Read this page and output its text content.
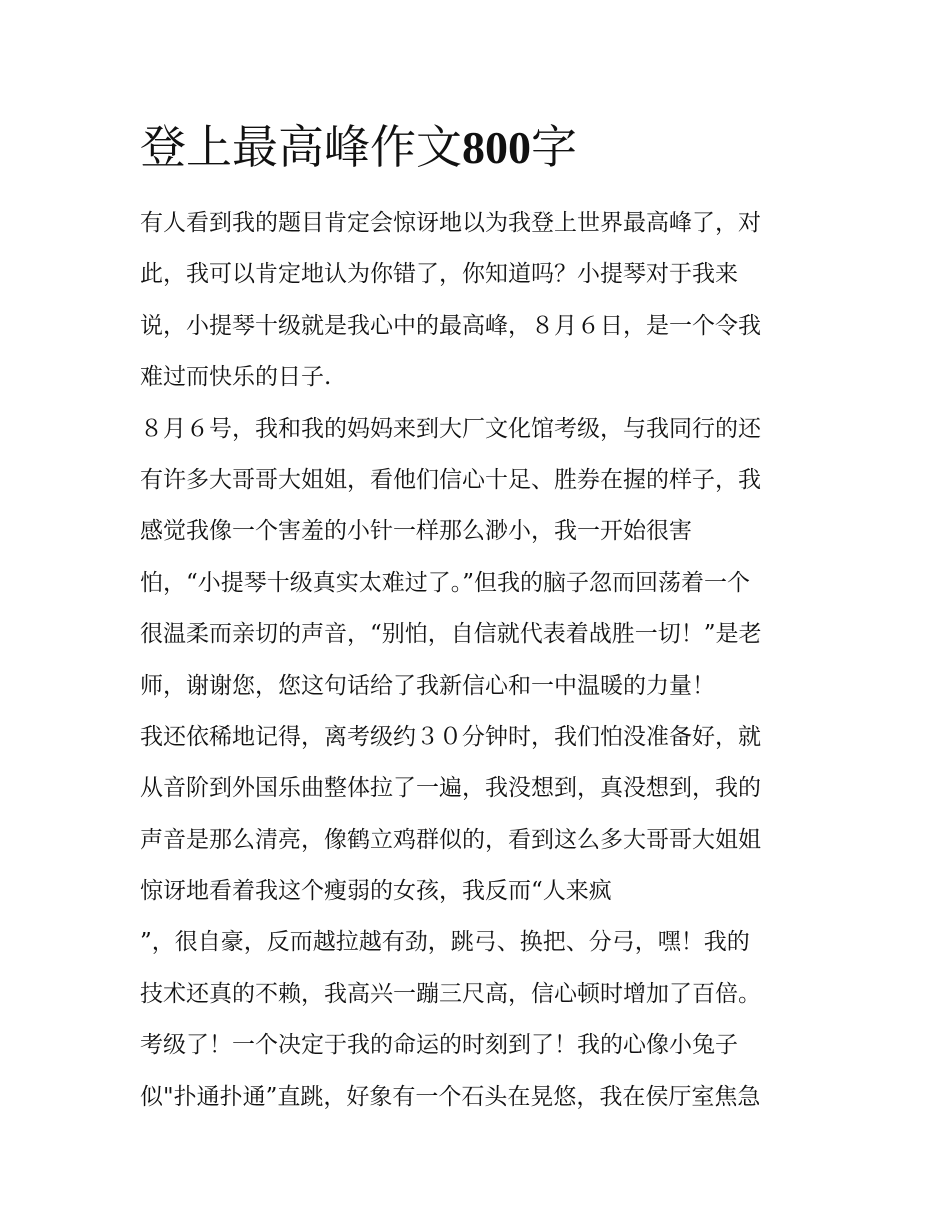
登上最高峰作文800字
有人看到我的题目肯定会惊讶地以为我登上世界最高峰了，对
此，我可以肯定地认为你错了，你知道吗？小提琴对于我来
说，小提琴十级就是我心中的最高峰，８月６日，是一个令我
难过而快乐的日子.
８月６号，我和我的妈妈来到大厂文化馆考级，与我同行的还
有许多大哥哥大姐姐，看他们信心十足、胜券在握的样子，我
感觉我像一个害羞的小针一样那么渺小，我一开始很害
怕，“小提琴十级真实太难过了。”但我的脑子忽而回荡着一个
很温柔而亲切的声音，“别怕，自信就代表着战胜一切！”是老
师，谢谢您，您这句话给了我新信心和一中温暖的力量！
我还依稀地记得，离考级约３０分钟时，我们怕没准备好，就
从音阶到外国乐曲整体拉了一遍，我没想到，真没想到，我的
声音是那么清亮，像鹤立鸡群似的，看到这么多大哥哥大姐姐
惊讶地看着我这个瘦弱的女孩，我反而“人来疯
”，很自豪，反而越拉越有劲，跳弓、换把、分弓，嘿！我的
技术还真的不赖，我高兴一蹦三尺高，信心顿时增加了百倍。
考级了！一个决定于我的命运的时刻到了！我的心像小兔子
似"扑通扑通”直跳，好象有一个石头在晃悠，我在侯厅室焦急
